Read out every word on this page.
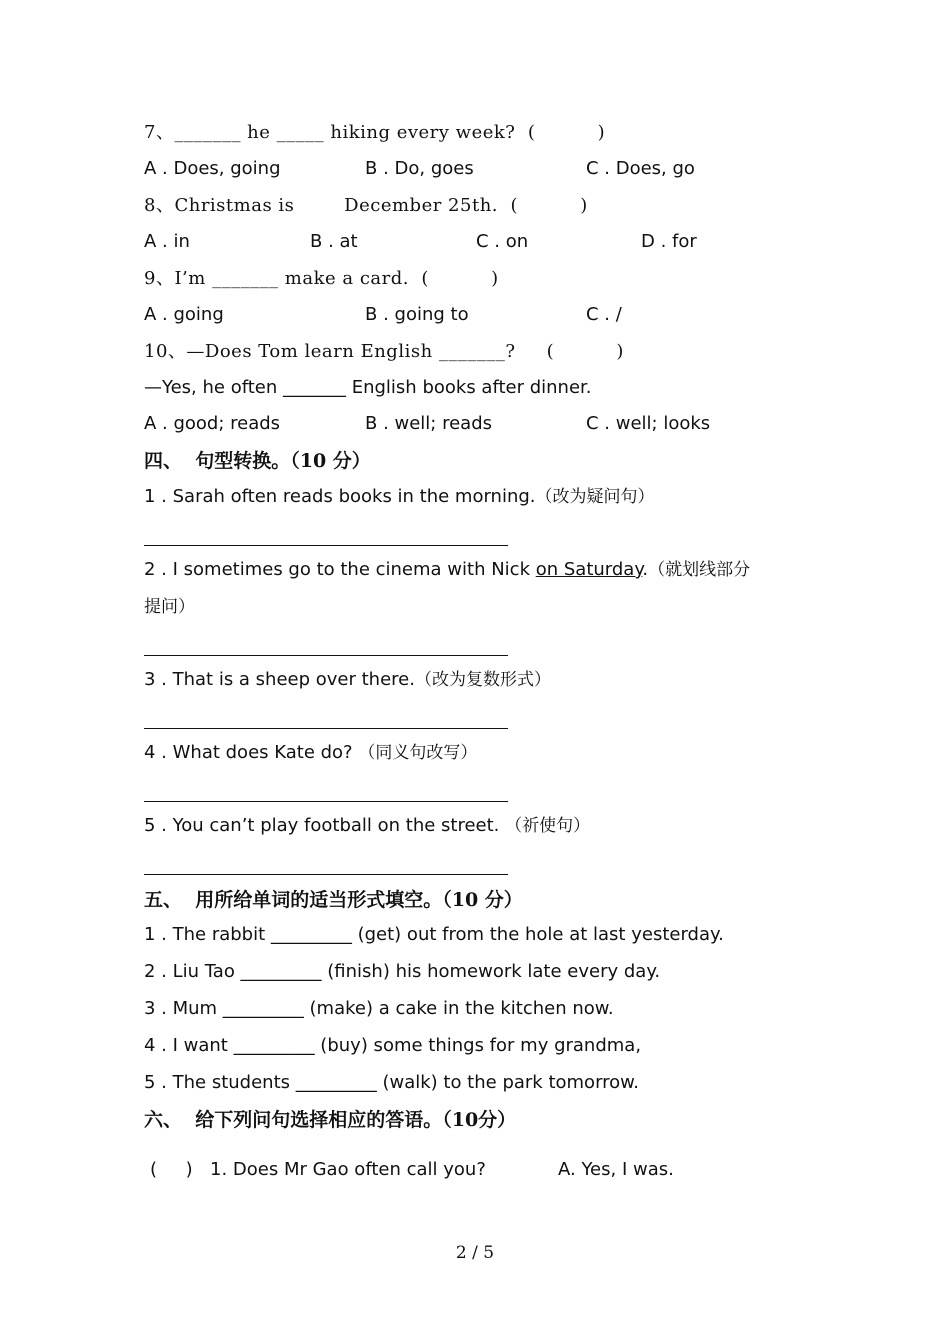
7、_______ he _____ hiking every week?  (          )
A . Does, going	B . Do, goes	C . Does, go
8、Christmas is        December 25th.  (          )
A . in	B . at	C . on	D . for
9、I’m _______ make a card.  (          )
A . going	B . going to	C . /
10、—Does Tom learn English _______?     (          )
—Yes, he often _______ English books after dinner.
A . good; reads	B . well; reads	C . well; looks
四、  句型转换。（10 分）
1 . Sarah often reads books in the morning.（改为疑问句）
2 . I sometimes go to the cinema with Nick on Saturday.（就划线部分
提问）
3 . That is a sheep over there.（改为复数形式）
4 . What does Kate do? （同义句改写）
5 . You can’t play football on the street. （祈使句）
五、  用所给单词的适当形式填空。（10 分）
1 . The rabbit _________ (get) out from the hole at last yesterday.
2 . Liu Tao _________ (finish) his homework late every day.
3 . Mum _________ (make) a cake in the kitchen now.
4 . I want _________ (buy) some things for my grandma,
5 . The students _________ (walk) to the park tomorrow.
六、  给下列问句选择相应的答语。（10分）
(     ) 1. Does Mr Gao often call you?	A. Yes, I was.
2 / 5
